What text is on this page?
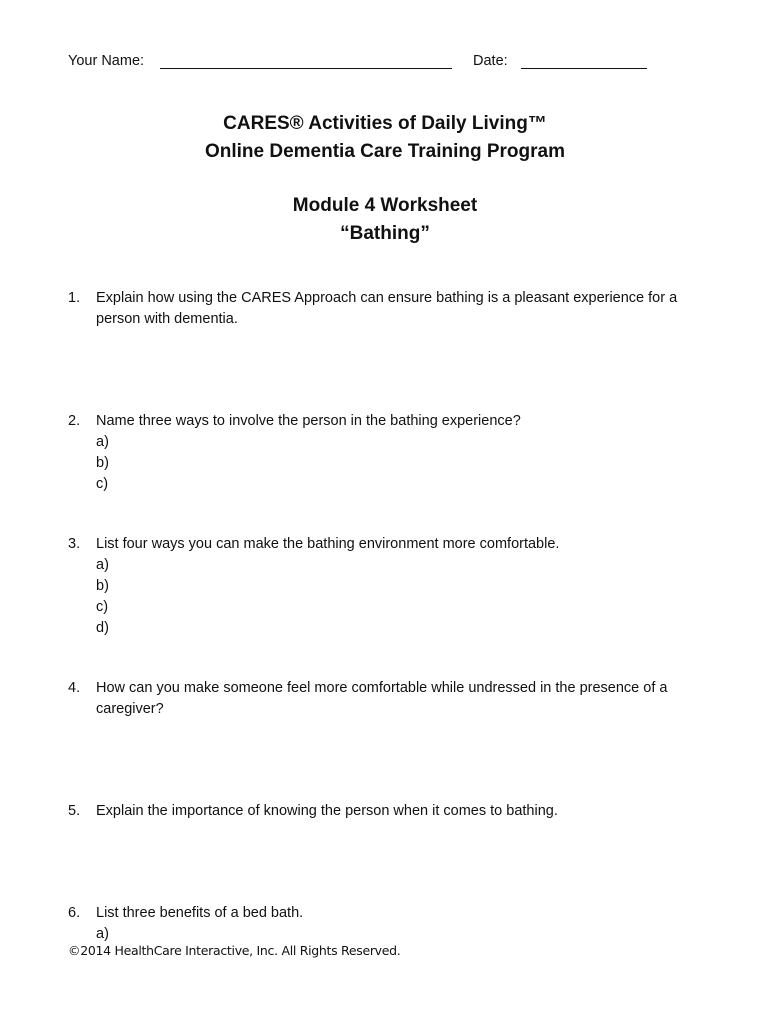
Your Name:	Date:
CARES® Activities of Daily Living™
Online Dementia Care Training Program
Module 4 Worksheet
“Bathing”
1. Explain how using the CARES Approach can ensure bathing is a pleasant experience for a person with dementia.
2. Name three ways to involve the person in the bathing experience?
a)
b)
c)
3. List four ways you can make the bathing environment more comfortable.
a)
b)
c)
d)
4. How can you make someone feel more comfortable while undressed in the presence of a caregiver?
5. Explain the importance of knowing the person when it comes to bathing.
6. List three benefits of a bed bath.
a)
©2014 HealthCare Interactive, Inc. All Rights Reserved.
